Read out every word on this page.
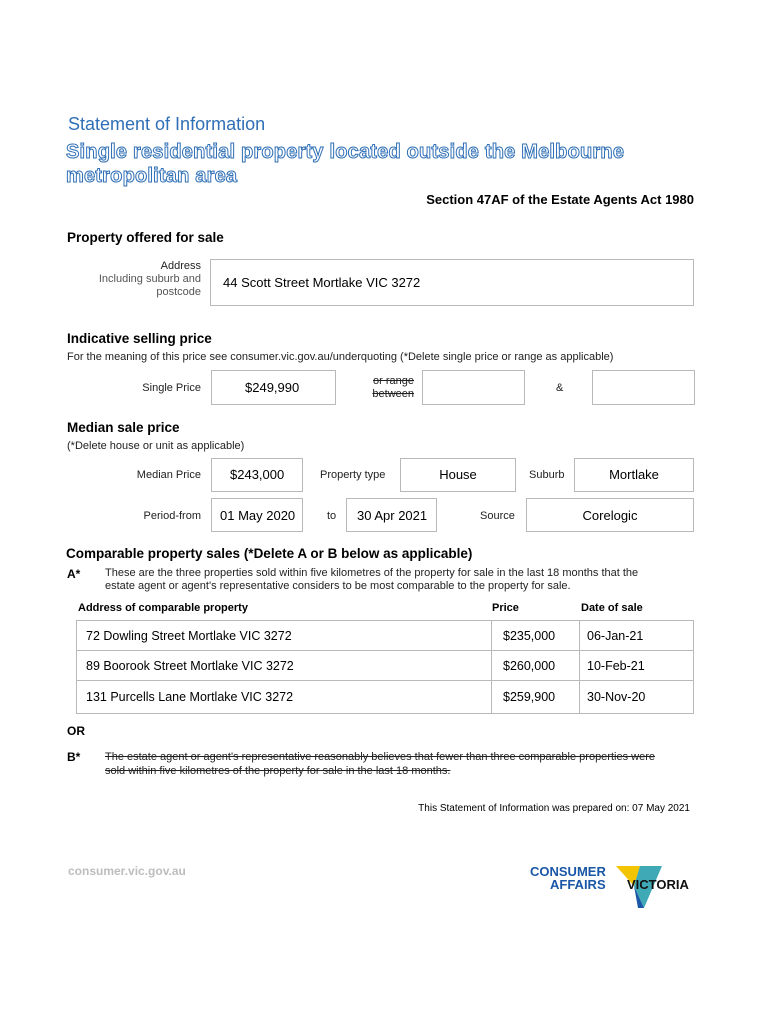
Statement of Information
Single residential property located outside the Melbourne
metropolitan area
Section 47AF of the Estate Agents Act 1980
Property offered for sale
Address
Including suburb and
postcode
44 Scott Street Mortlake VIC 3272
Indicative selling price
For the meaning of this price see consumer.vic.gov.au/underquoting (*Delete single price or range as applicable)
Single Price	$249,990	or range
between	&
Median sale price
(*Delete house or unit as applicable)
Median Price $243,000	Property type	House	Suburb	Mortlake
Period-from 01 May 2020	to 30 Apr 2021	Source	Corelogic
Comparable property sales (*Delete A or B below as applicable)
A* These are the three properties sold within five kilometres of the property for sale in the last 18 months that the
estate agent or agent's representative considers to be most comparable to the property for sale.
Address of comparable property	Price	Date of sale
72 Dowling Street Mortlake VIC 3272	$235,000	06-Jan-21
89 Boorook Street Mortlake VIC 3272	$260,000	10-Feb-21
131 Purcells Lane Mortlake VIC 3272	$259,900	30-Nov-20
OR
B* The estate agent or agent's representative reasonably believes that fewer than three comparable properties were
sold within five kilometres of the property for sale in the last 18 months.
This Statement of Information was prepared on: 07 May 2021
consumer.vic.gov.au	CONSUMER
AFFAIRS VICTORIA
